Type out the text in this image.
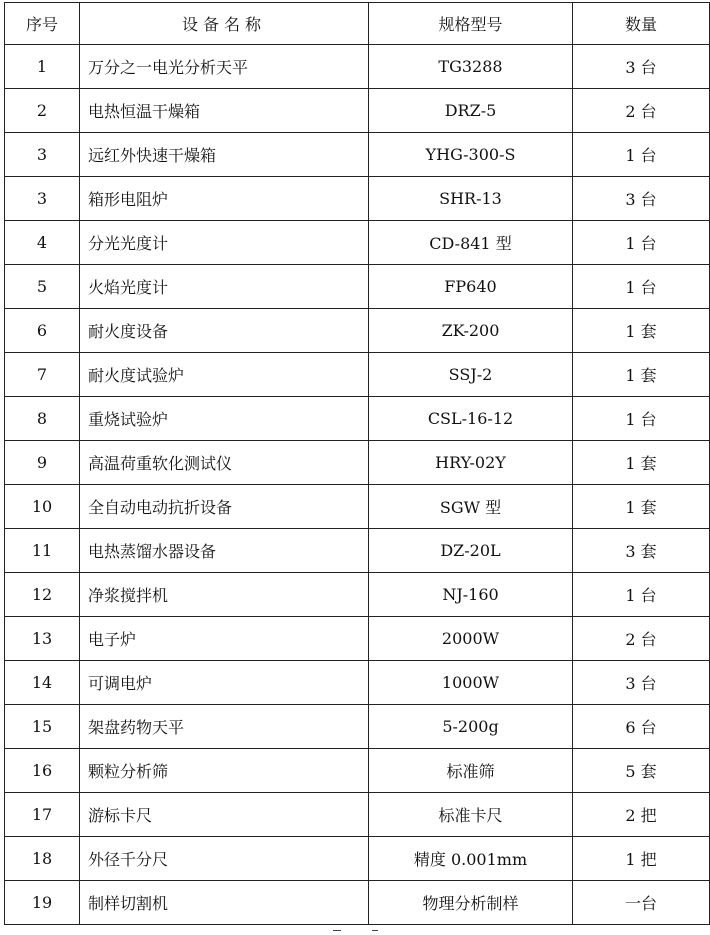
序号	设备名称	规格型号	数量
1	万分之一电光分析天平	TG3288	3 台
2	电热恒温干燥箱	DRZ-5	2 台
3	远红外快速干燥箱	YHG-300-S	1 台
3	箱形电阻炉	SHR-13	3 台
4	分光光度计	CD-841 型	1 台
5	火焰光度计	FP640	1 台
6	耐火度设备	ZK-200	1 套
7	耐火度试验炉	SSJ-2	1 套
8	重烧试验炉	CSL-16-12	1 台
9	高温荷重软化测试仪	HRY-02Y	1 套
10	全自动电动抗折设备	SGW 型	1 套
11	电热蒸馏水器设备	DZ-20L	3 套
12	净浆搅拌机	NJ-160	1 台
13	电子炉	2000W	2 台
14	可调电炉	1000W	3 台
15	架盘药物天平	5-200g	6 台
16	颗粒分析筛	标准筛	5 套
17	游标卡尺	标准卡尺	2 把
18	外径千分尺	精度 0.001mm	1 把
19	制样切割机	物理分析制样	一台
